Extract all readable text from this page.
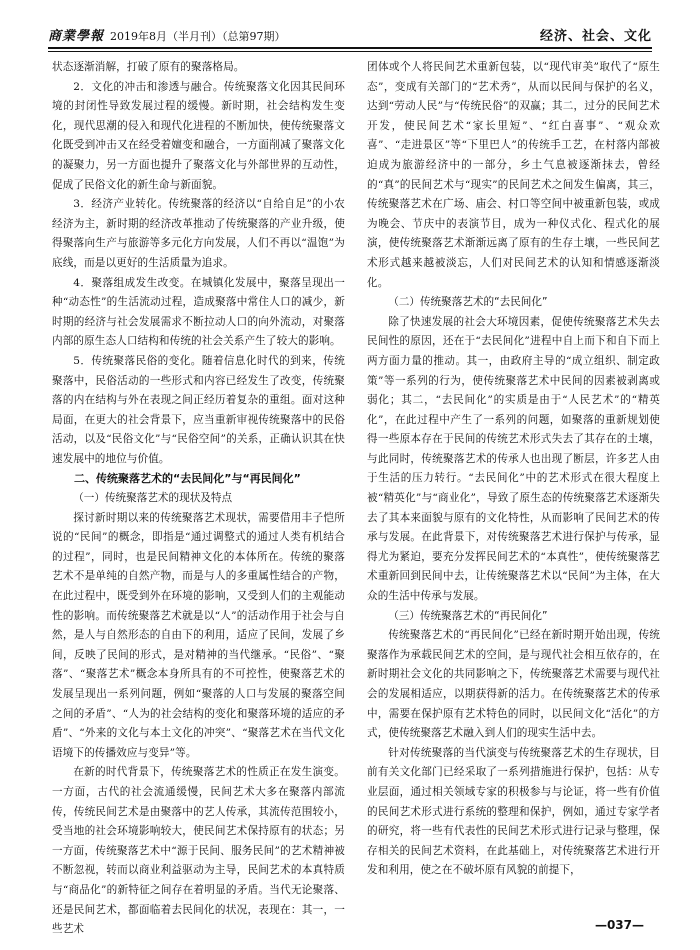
商業學報 2019年8月（半月刊）（总第97期）	经济、社会、文化

状态逐渐消解，打破了原有的聚落格局。

2．文化的冲击和渗透与融合。传统聚落文化因其民间环境的封闭性导致发展过程的缓慢。新时期，社会结构发生变化，现代思潮的侵入和现代化进程的不断加快，使传统聚落文化既受到冲击又在经受着嬗变和融合，一方面削减了聚落文化的凝聚力，另一方面也提升了聚落文化与外部世界的互动性，促成了民俗文化的新生命与新面貌。

3．经济产业转化。传统聚落的经济以“自给自足”的小农经济为主，新时期的经济改革推动了传统聚落的产业升级，使得聚落向生产与旅游等多元化方向发展，人们不再以“温饱”为底线，而是以更好的生活质量为追求。

4．聚落组成发生改变。在城镇化发展中，聚落呈现出一种“动态性”的生活流动过程，造成聚落中常住人口的减少，新时期的经济与社会发展需求不断拉动人口的向外流动，对聚落内部的原生态人口结构和传统的社会关系产生了较大的影响。

5．传统聚落民俗的变化。随着信息化时代的到来，传统聚落中，民俗活动的一些形式和内容已经发生了改变，传统聚落的内在结构与外在表现之间正经历着复杂的重组。面对这种局面，在更大的社会背景下，应当重新审视传统聚落中的民俗活动，以及“民俗文化”与“民俗空间”的关系，正确认识其在快速发展中的地位与价值。

二、传统聚落艺术的“去民间化”与“再民间化”
（一）传统聚落艺术的现状及特点

探讨新时期以来的传统聚落艺术现状，需要借用丰子恺所说的“民间”的概念，即指是“通过调整式的通过人类有机结合的过程”，同时，也是民间精神文化的本体所在。传统的聚落艺术不是单纯的自然产物，而是与人的多重属性结合的产物，在此过程中，既受到外在环境的影响，又受到人们的主观能动性的影响。而传统聚落艺术就是以“人”的活动作用于社会与自然，是人与自然形态的自由下的利用，适应了民间，发展了乡间，反映了民间的形式，是对精神的当代继承。“民俗”、“聚落”、“聚落艺术”概念本身所具有的不可控性，使聚落艺术的发展呈现出一系列问题，例如“聚落的人口与发展的聚落空间之间的矛盾”、“人为的社会结构的变化和聚落环境的适应的矛盾”、“外来的文化与本土文化的冲突”、“聚落艺术在当代文化语境下的传播效应与变异”等。

在新的时代背景下，传统聚落艺术的性质正在发生演变。一方面，古代的社会流通缓慢，民间艺术大多在聚落内部流传，传统民间艺术是由聚落中的艺人传承，其流传范围较小，受当地的社会环境影响较大，使民间艺术保持原有的状态；另一方面，传统聚落艺术中“源于民间、服务民间”的艺术精神被不断忽视，转而以商业利益驱动为主导，民间艺术的本真特质与“商品化”的新特征之间存在着明显的矛盾。当代无论聚落、还是民间艺术，都面临着去民间化的状况，表现在：其一，一些艺术

团体或个人将民间艺术重新包装，以“现代审美”取代了“原生态”，变成有关部门的“艺术秀”，从而以民间与保护的名义，达到“劳动人民”与“传统民俗”的双赢；其二，过分的民间艺术开发，使民间艺术“家长里短”、“红白喜事”、“观众欢喜”、“走进景区”等“下里巴人”的传统手工艺，在村落内部被迫成为旅游经济中的一部分，乡土气息被逐渐抹去，曾经的“真”的民间艺术与“现实”的民间艺术之间发生偏离，其三，传统聚落艺术在广场、庙会、村口等空间中被重新包装，或成为晚会、节庆中的表演节目，成为一种仪式化、程式化的展演，使传统聚落艺术渐渐远离了原有的生存土壤，一些民间艺术形式越来越被淡忘，人们对民间艺术的认知和情感逐渐淡化。

（二）传统聚落艺术的“去民间化”

除了快速发展的社会大环境因素，促使传统聚落艺术失去民间性的原因，还在于“去民间化”进程中自上而下和自下而上两方面力量的推动。其一，由政府主导的“成立组织、制定政策”等一系列的行为，使传统聚落艺术中民间的因素被剥离或弱化；其二，“去民间化”的实质是由于“人民艺术”的“精英化”，在此过程中产生了一系列的问题，如聚落的重新规划使得一些原本存在于民间的传统艺术形式失去了其存在的土壤，与此同时，传统聚落艺术的传承人也出现了断层，许多艺人由于生活的压力转行。“去民间化”中的艺术形式在很大程度上被“精英化”与“商业化”，导致了原生态的传统聚落艺术逐渐失去了其本来面貌与原有的文化特性，从而影响了民间艺术的传承与发展。在此背景下，对传统聚落艺术进行保护与传承，显得尤为紧迫，要充分发挥民间艺术的“本真性”，使传统聚落艺术重新回到民间中去，让传统聚落艺术以“民间”为主体，在大众的生活中传承与发展。

（三）传统聚落艺术的“再民间化”

传统聚落艺术的“再民间化”已经在新时期开始出现，传统聚落作为承载民间艺术的空间，是与现代社会相互依存的，在新时期社会文化的共同影响之下，传统聚落艺术需要与现代社会的发展相适应，以期获得新的活力。在传统聚落艺术的传承中，需要在保护原有艺术特色的同时，以民间文化“活化”的方式，使传统聚落艺术融入到人们的现实生活中去。

针对传统聚落的当代演变与传统聚落艺术的生存现状，目前有关文化部门已经采取了一系列措施进行保护，包括：从专业层面，通过相关领域专家的积极参与与论证，将一些有价值的民间艺术形式进行系统的整理和保护，例如，通过专家学者的研究，将一些有代表性的民间艺术形式进行记录与整理，保存相关的民间艺术资料，在此基础上，对传统聚落艺术进行开发和利用，使之在不破坏原有风貌的前提下，

—037—
